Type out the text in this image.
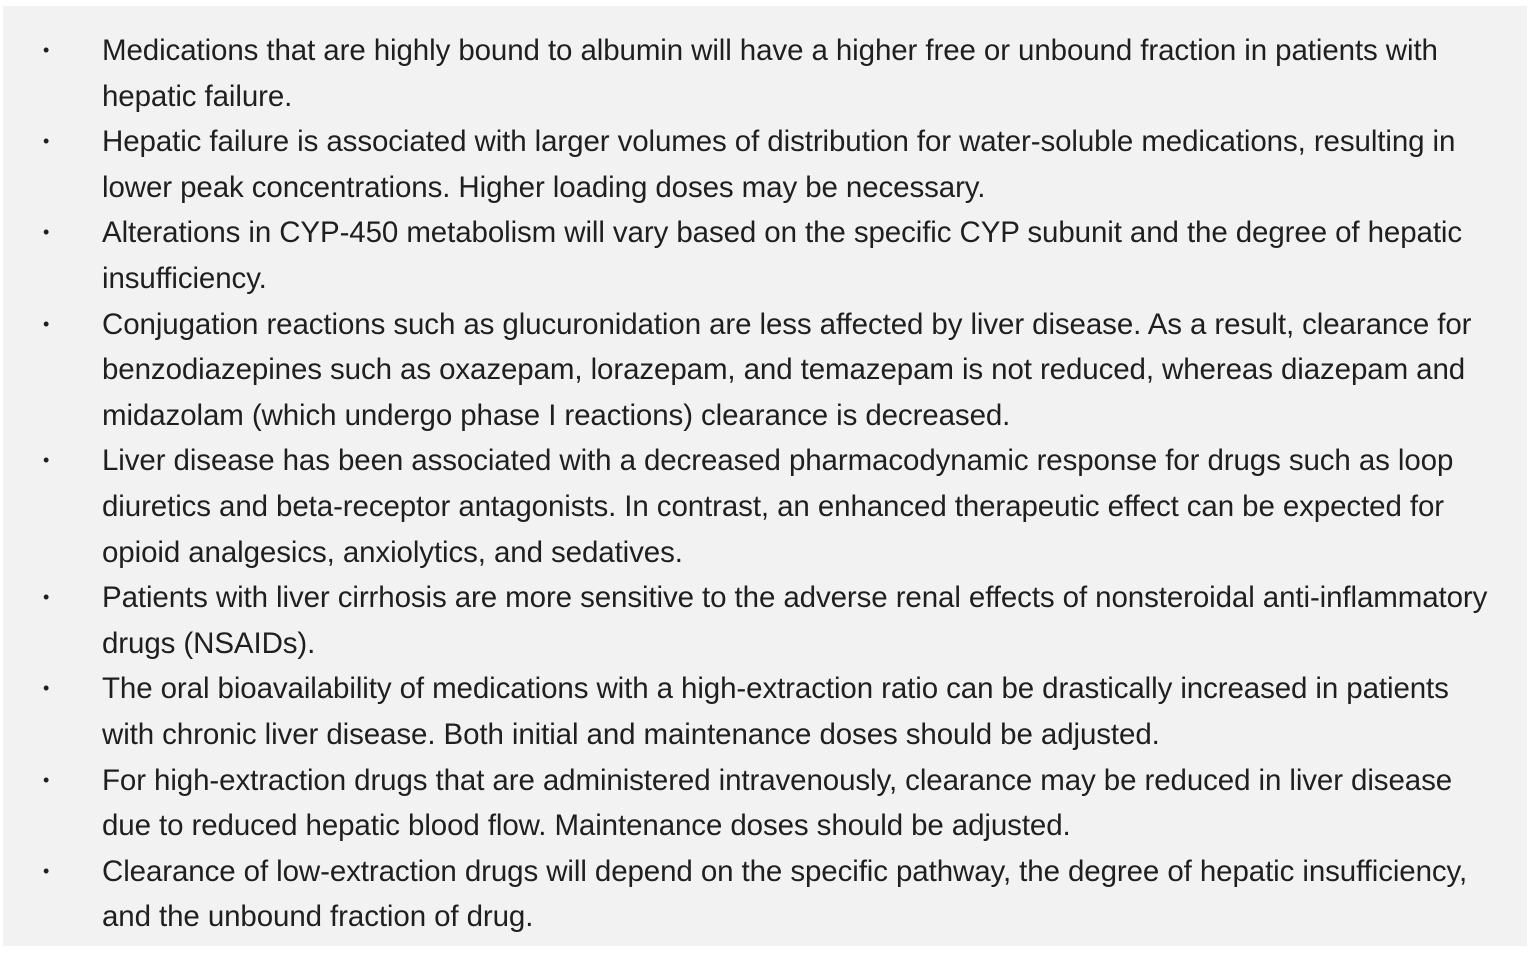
• Medications that are highly bound to albumin will have a higher free or unbound fraction in patients with hepatic failure.
• Hepatic failure is associated with larger volumes of distribution for water-soluble medications, resulting in lower peak concentrations. Higher loading doses may be necessary.
• Alterations in CYP-450 metabolism will vary based on the specific CYP subunit and the degree of hepatic insufficiency.
• Conjugation reactions such as glucuronidation are less affected by liver disease. As a result, clearance for benzodiazepines such as oxazepam, lorazepam, and temazepam is not reduced, whereas diazepam and midazolam (which undergo phase I reactions) clearance is decreased.
• Liver disease has been associated with a decreased pharmacodynamic response for drugs such as loop diuretics and beta-receptor antagonists. In contrast, an enhanced therapeutic effect can be expected for opioid analgesics, anxiolytics, and sedatives.
• Patients with liver cirrhosis are more sensitive to the adverse renal effects of nonsteroidal anti-inflammatory drugs (NSAIDs).
• The oral bioavailability of medications with a high-extraction ratio can be drastically increased in patients with chronic liver disease. Both initial and maintenance doses should be adjusted.
• For high-extraction drugs that are administered intravenously, clearance may be reduced in liver disease due to reduced hepatic blood flow. Maintenance doses should be adjusted.
• Clearance of low-extraction drugs will depend on the specific pathway, the degree of hepatic insufficiency, and the unbound fraction of drug.
